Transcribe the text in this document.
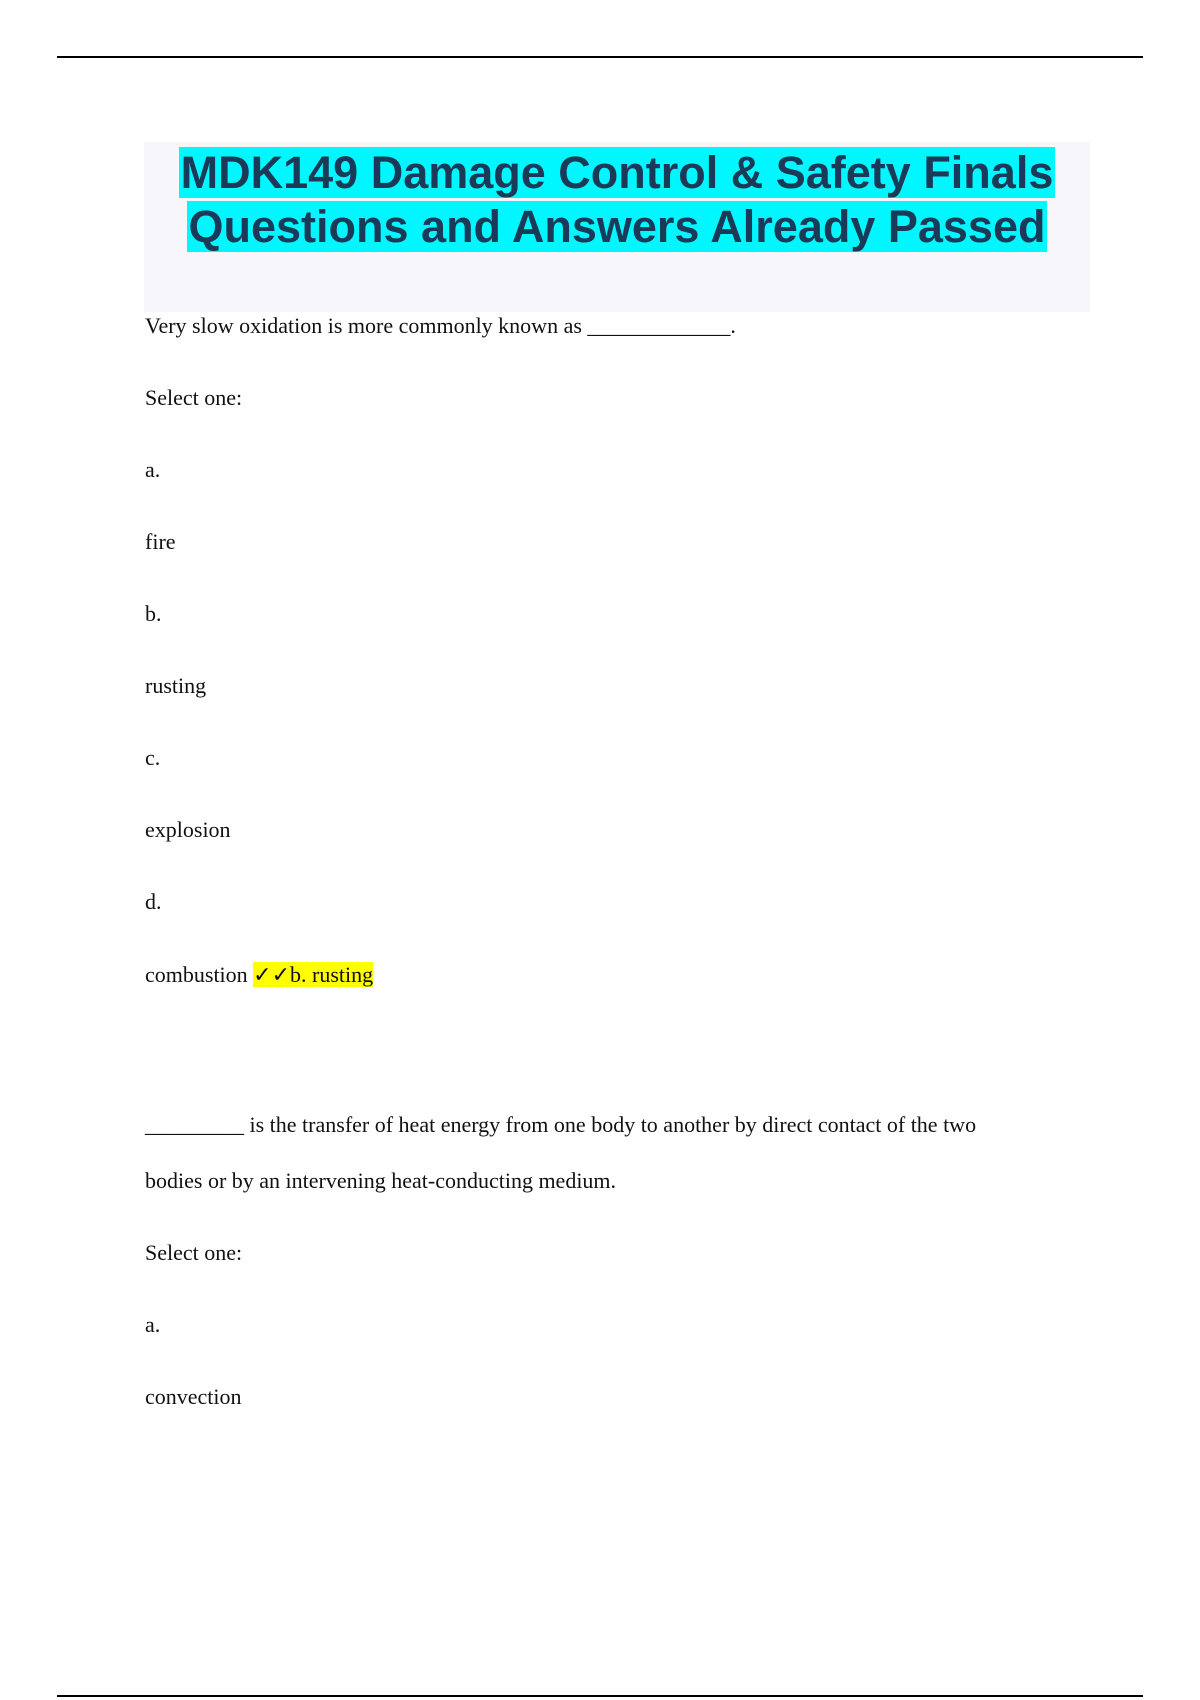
MDK149 Damage Control & Safety Finals
Questions and Answers Already Passed
Very slow oxidation is more commonly known as _____________.
Select one:
a.
fire
b.
rusting
c.
explosion
d.
combustion ✓✓b. rusting
_________ is the transfer of heat energy from one body to another by direct contact of the two
bodies or by an intervening heat-conducting medium.
Select one:
a.
convection
